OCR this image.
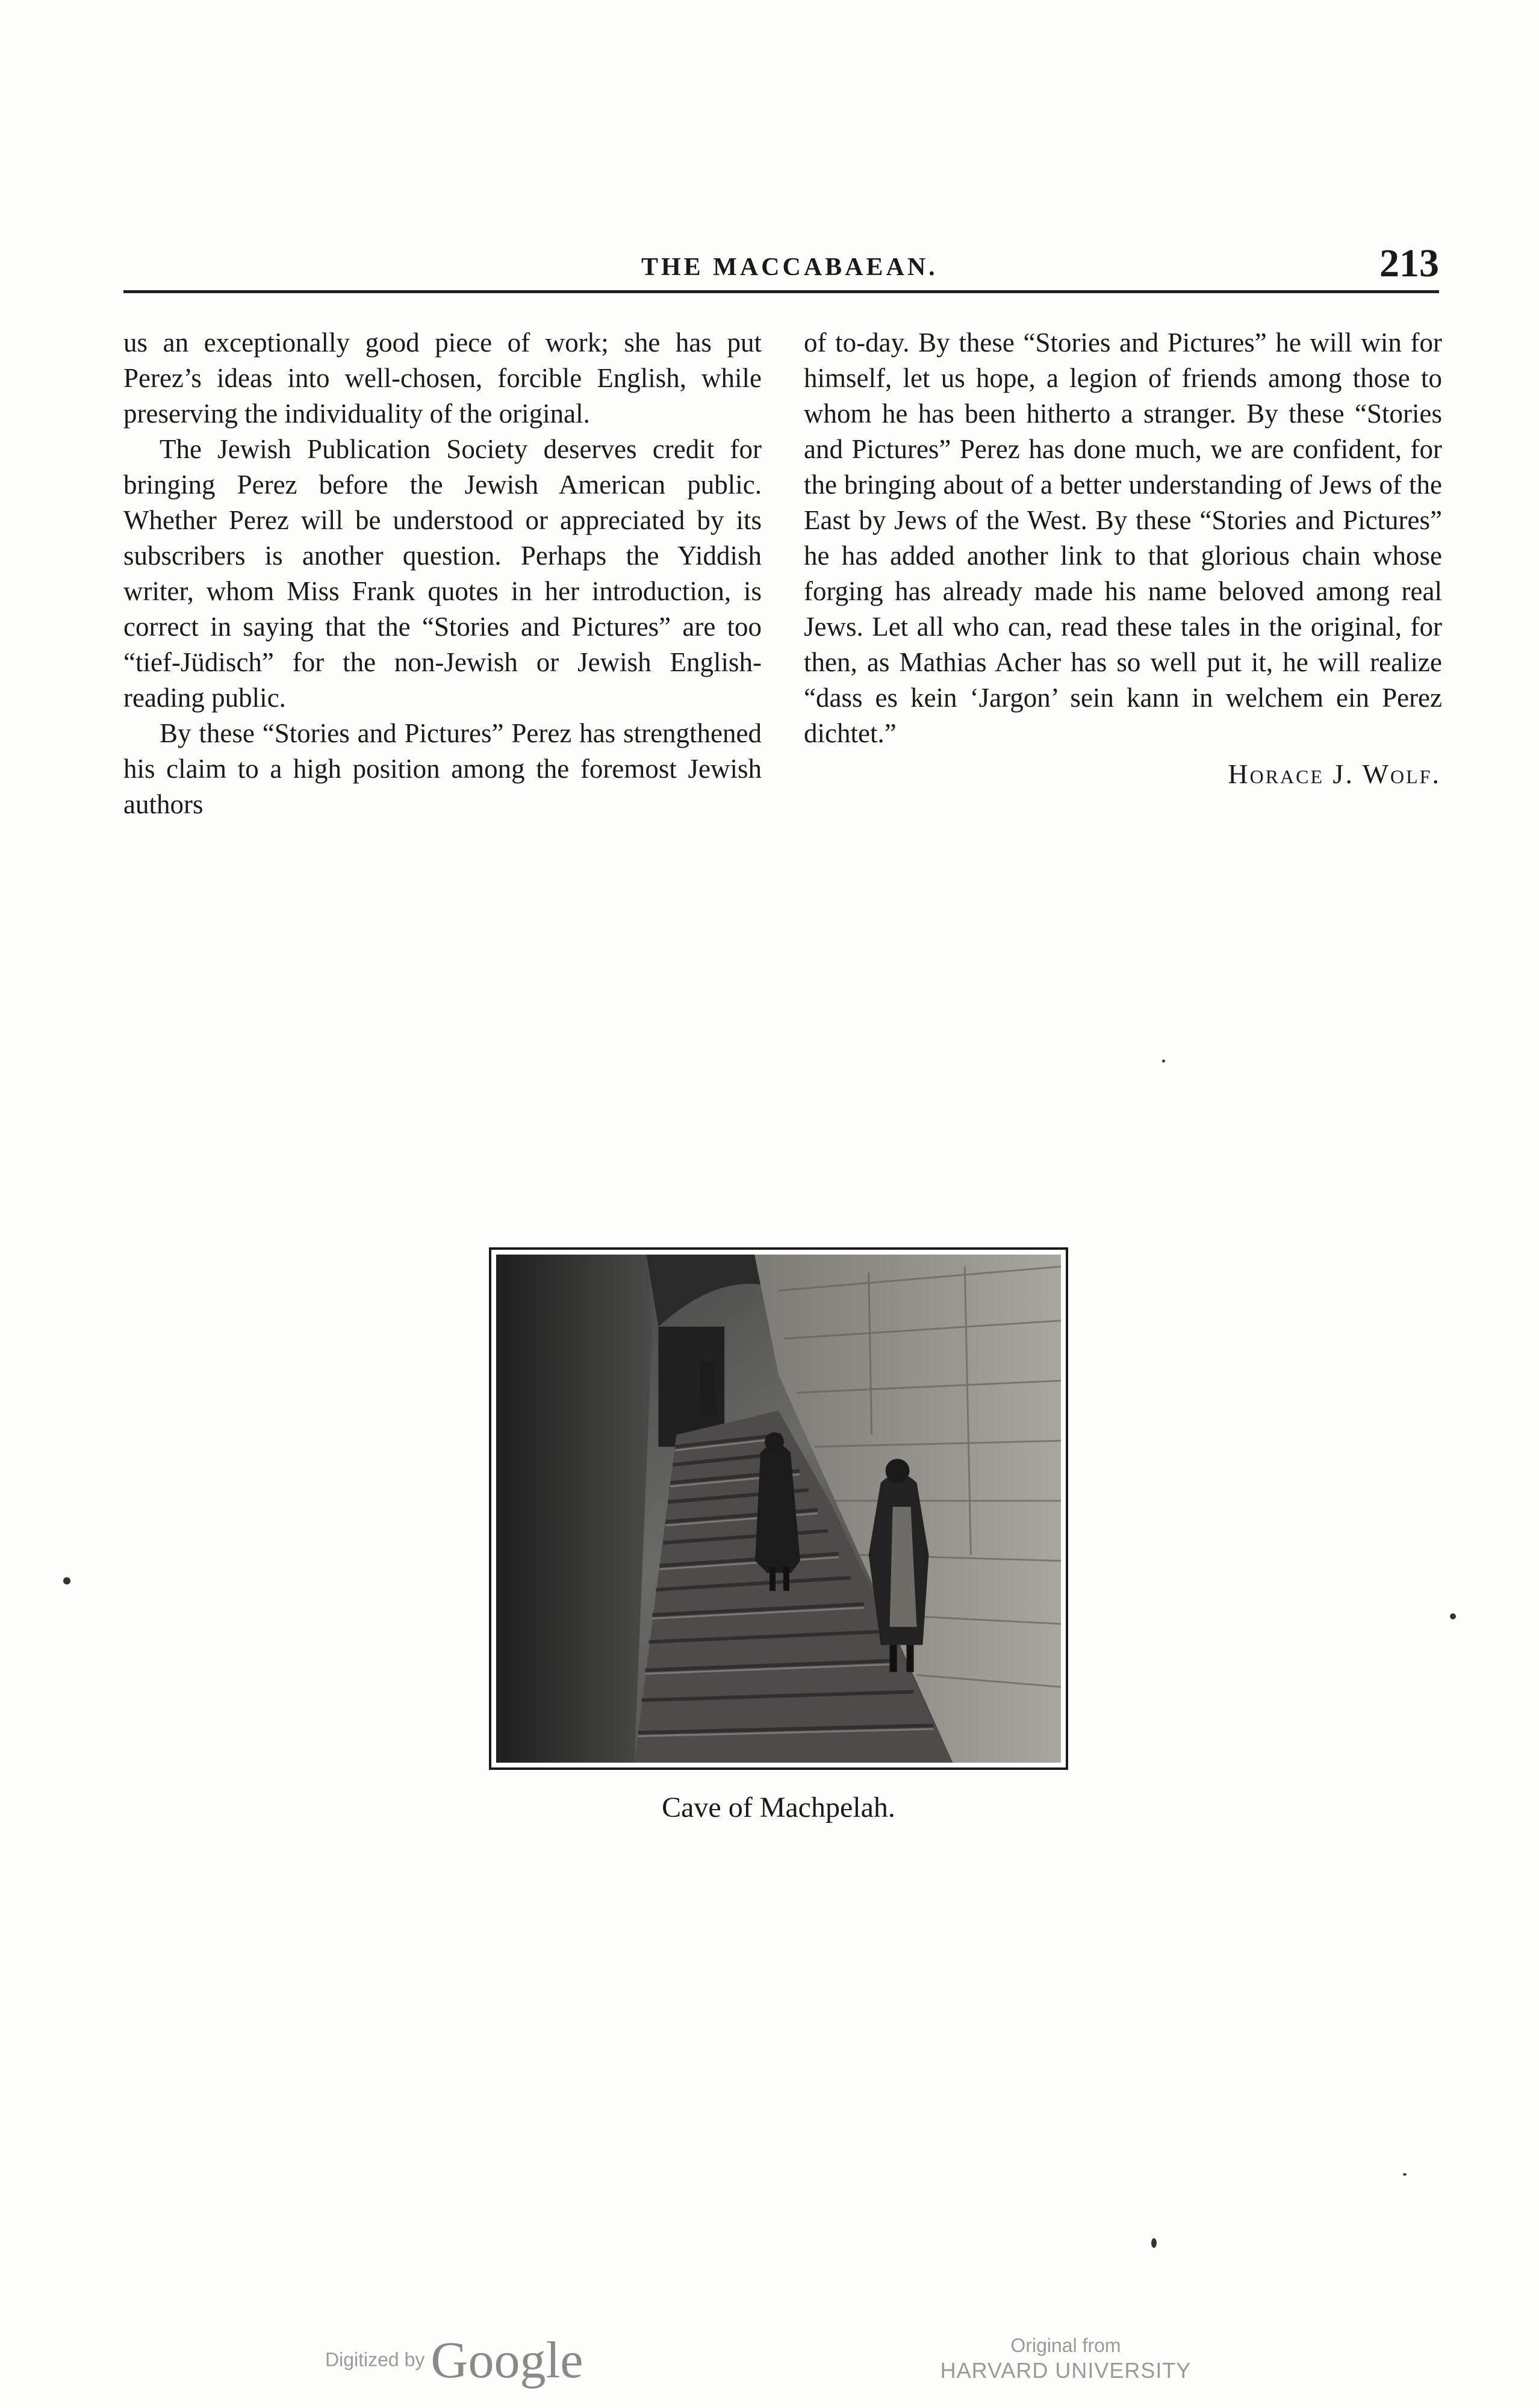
THE MACCABAEAN.	213

us an exceptionally good piece of work; she has put Perez’s ideas into well-chosen, forcible English, while preserving the individuality of the original.

The Jewish Publication Society deserves credit for bringing Perez before the Jewish American public. Whether Perez will be understood or appreciated by its subscribers is another question. Perhaps the Yiddish writer, whom Miss Frank quotes in her introduction, is correct in saying that the “Stories and Pictures” are too “tief-Jüdisch” for the non-Jewish or Jewish English-reading public.

By these “Stories and Pictures” Perez has strengthened his claim to a high position among the foremost Jewish authors

of to-day. By these “Stories and Pictures” he will win for himself, let us hope, a legion of friends among those to whom he has been hitherto a stranger. By these “Stories and Pictures” Perez has done much, we are confident, for the bringing about of a better understanding of Jews of the East by Jews of the West. By these “Stories and Pictures” he has added another link to that glorious chain whose forging has already made his name beloved among real Jews. Let all who can, read these tales in the original, for then, as Mathias Acher has so well put it, he will realize “dass es kein ‘Jargon’ sein kann in welchem ein Perez dichtet.”

Horace J. Wolf.
Cave of Machpelah.
Digitized by Google	Original from
HARVARD UNIVERSITY
